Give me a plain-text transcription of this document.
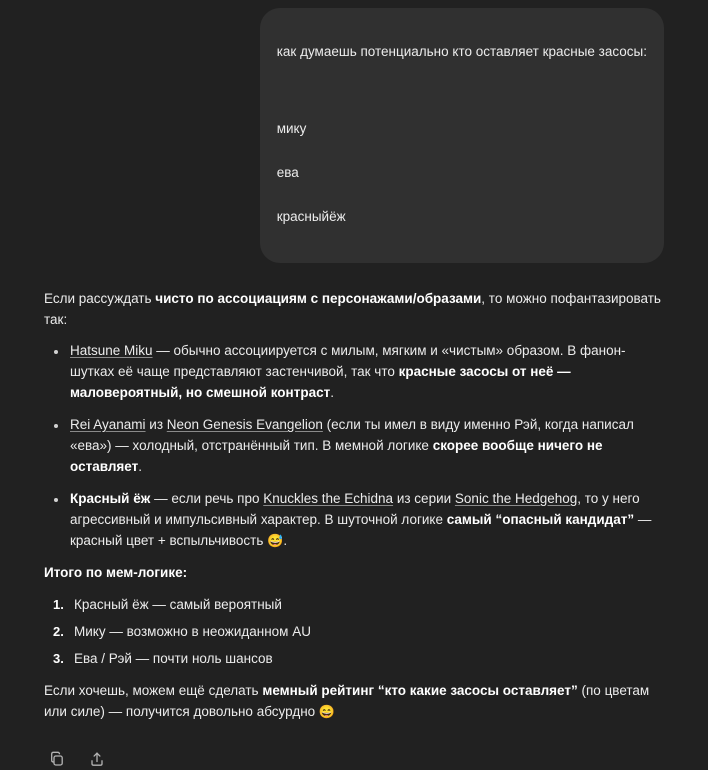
как думаешь потенциально кто оставляет красные засосы:

мику

ева

красныйёж

Если рассуждать чисто по ассоциациям с персонажами/образами, то можно пофантазировать так:

Hatsune Miku — обычно ассоциируется с милым, мягким и «чистым» образом. В фанон-шутках её чаще представляют застенчивой, так что красные засосы от неё — маловероятный, но смешной контраст.
Rei Ayanami из Neon Genesis Evangelion (если ты имел в виду именно Рэй, когда написал «ева») — холодный, отстранённый тип. В мемной логике скорее вообще ничего не оставляет.
Красный ёж — если речь про Knuckles the Echidna из серии Sonic the Hedgehog, то у него агрессивный и импульсивный характер. В шуточной логике самый “опасный кандидат” — красный цвет + вспыльчивость 😅.

Итого по мем-логике:

Красный ёж — самый вероятный
Мику — возможно в неожиданном AU
Ева / Рэй — почти ноль шансов

Если хочешь, можем ещё сделать мемный рейтинг “кто какие засосы оставляет” (по цветам или силе) — получится довольно абсурдно 😄
